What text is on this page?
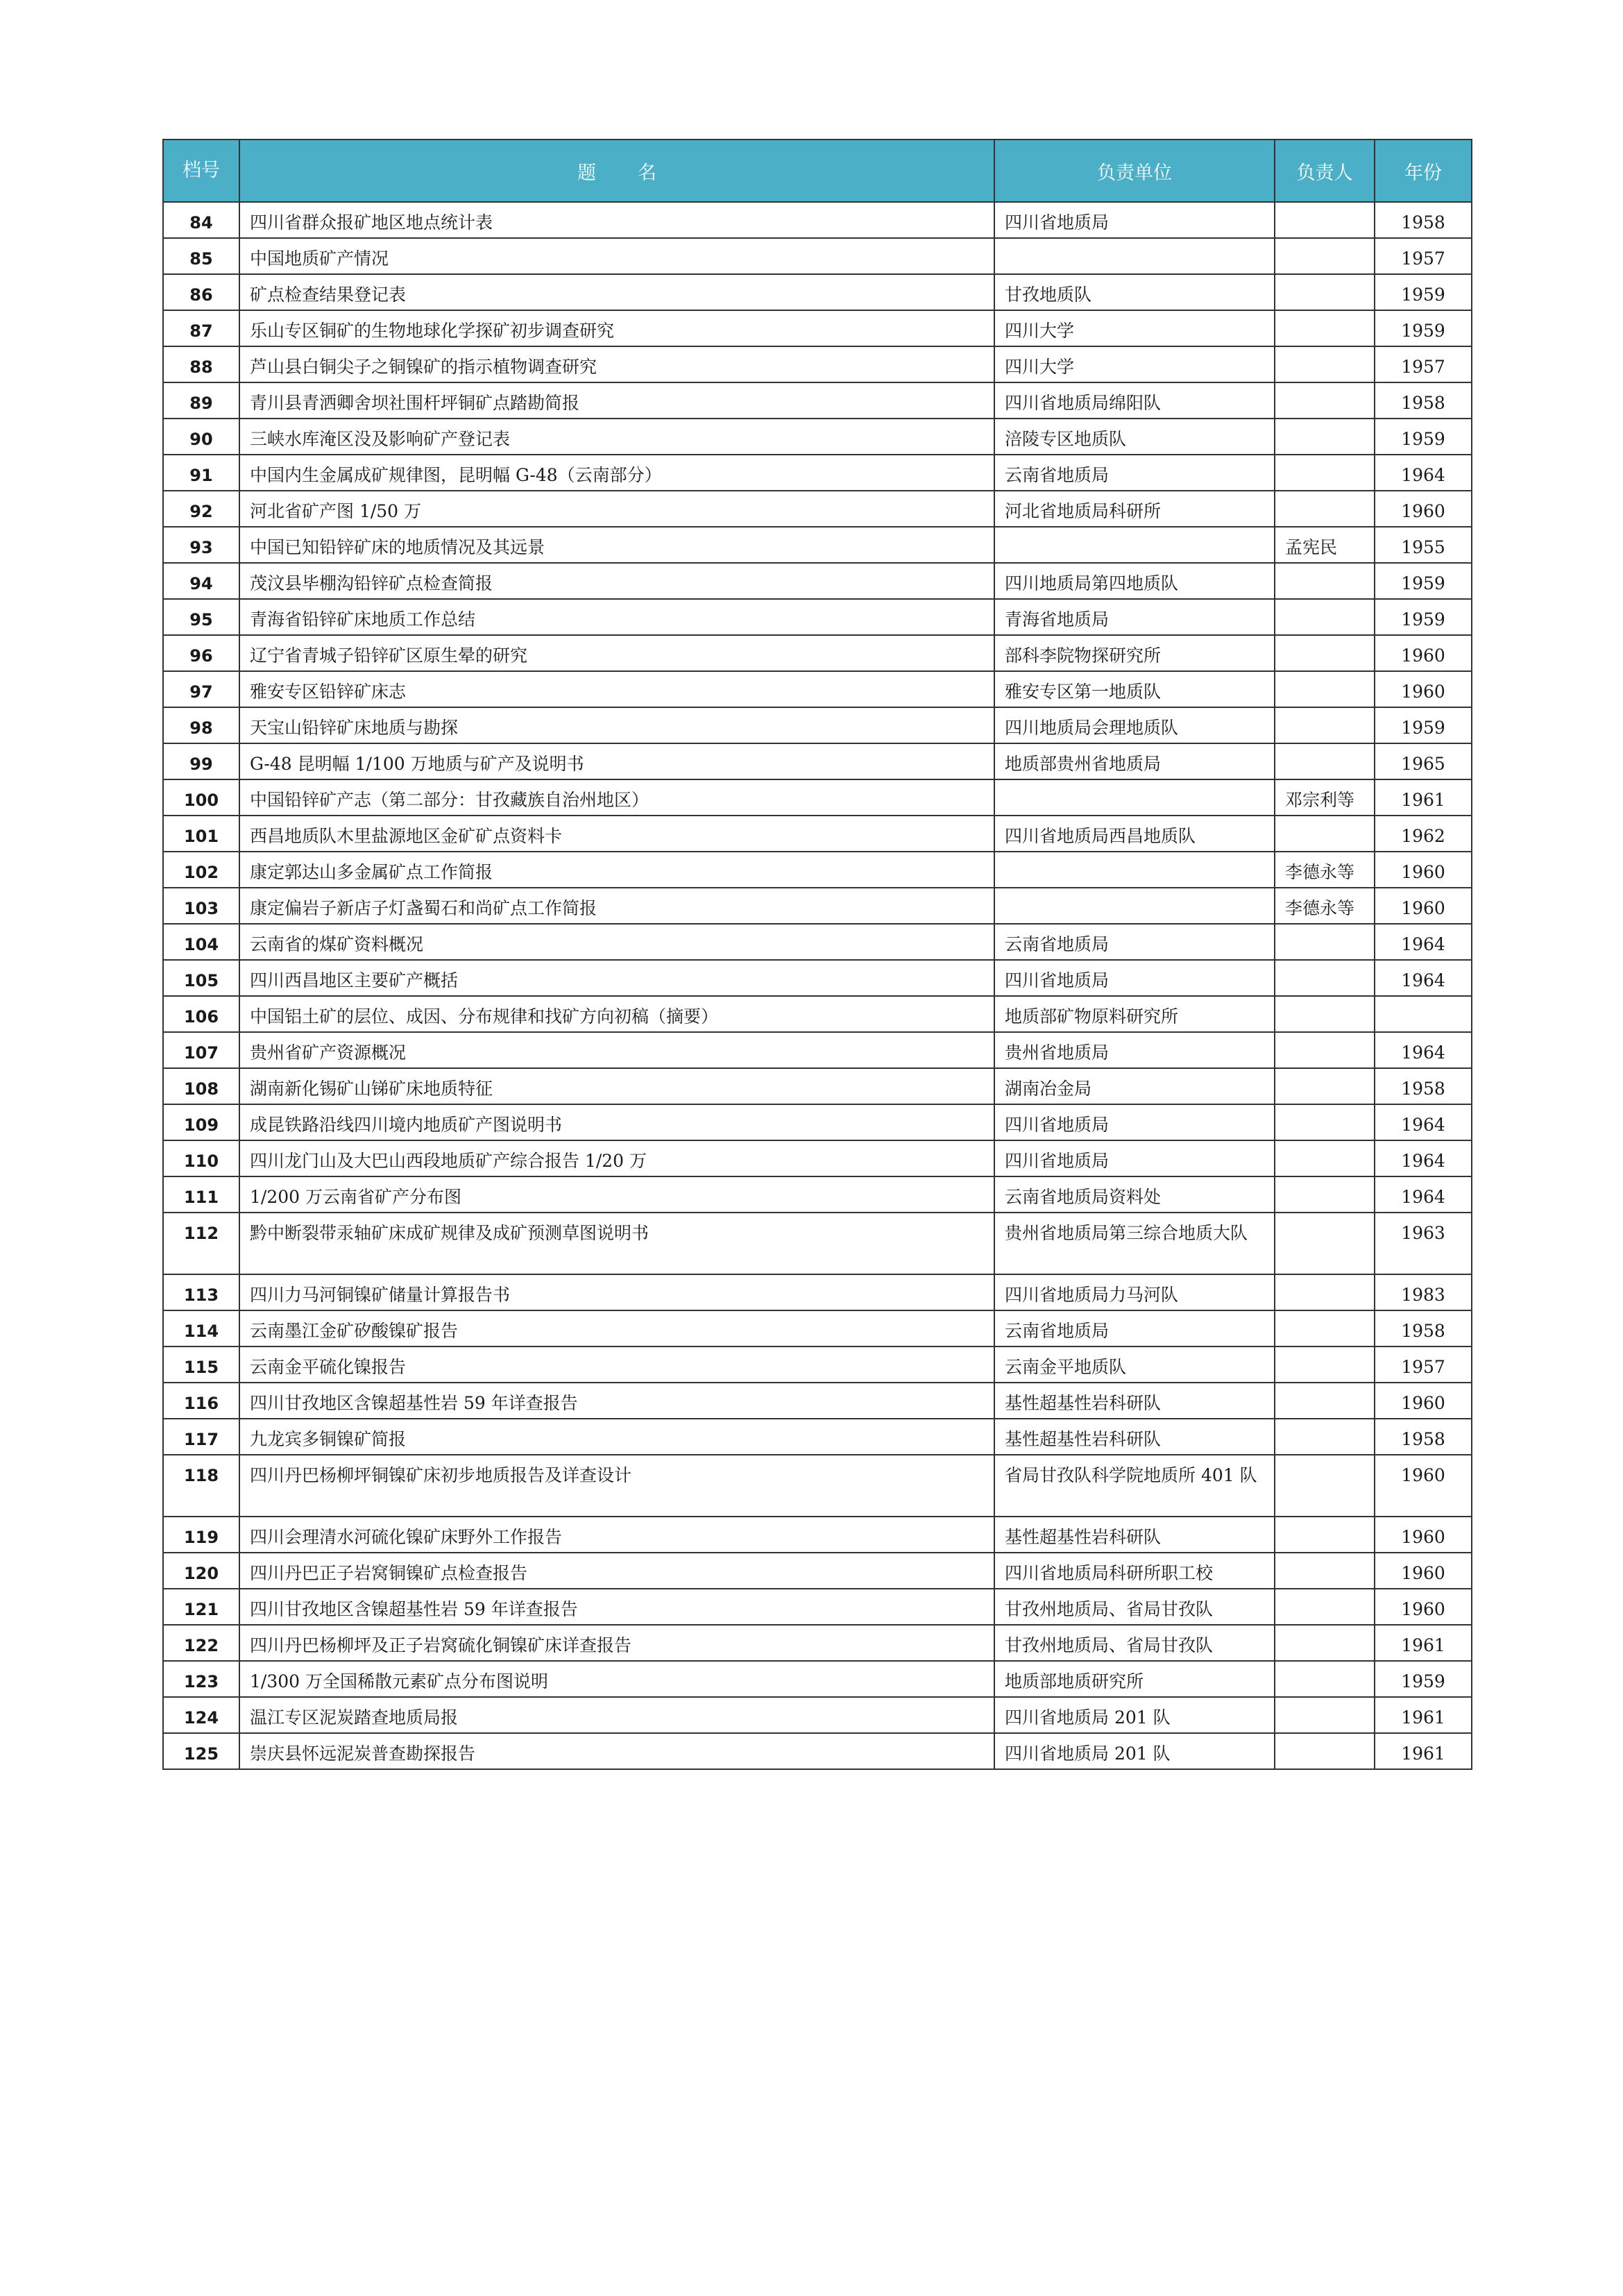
档号	题名	负责单位	负责人	年份
84	四川省群众报矿地区地点统计表	四川省地质局		1958
85	中国地质矿产情况			1957
86	矿点检查结果登记表	甘孜地质队		1959
87	乐山专区铜矿的生物地球化学探矿初步调查研究	四川大学		1959
88	芦山县白铜尖子之铜镍矿的指示植物调查研究	四川大学		1957
89	青川县青洒卿舍坝社围杆坪铜矿点踏勘简报	四川省地质局绵阳队		1958
90	三峡水库淹区没及影响矿产登记表	涪陵专区地质队		1959
91	中国内生金属成矿规律图，昆明幅 G-48（云南部分）	云南省地质局		1964
92	河北省矿产图 1/50 万	河北省地质局科研所		1960
93	中国已知铅锌矿床的地质情况及其远景		孟宪民	1955
94	茂汶县毕棚沟铅锌矿点检查简报	四川地质局第四地质队		1959
95	青海省铅锌矿床地质工作总结	青海省地质局		1959
96	辽宁省青城子铅锌矿区原生晕的研究	部科李院物探研究所		1960
97	雅安专区铅锌矿床志	雅安专区第一地质队		1960
98	天宝山铅锌矿床地质与勘探	四川地质局会理地质队		1959
99	G-48 昆明幅 1/100 万地质与矿产及说明书	地质部贵州省地质局		1965
100	中国铅锌矿产志（第二部分：甘孜藏族自治州地区）		邓宗利等	1961
101	西昌地质队木里盐源地区金矿矿点资料卡	四川省地质局西昌地质队		1962
102	康定郭达山多金属矿点工作简报		李德永等	1960
103	康定偏岩子新店子灯盏蜀石和尚矿点工作简报		李德永等	1960
104	云南省的煤矿资料概况	云南省地质局		1964
105	四川西昌地区主要矿产概括	四川省地质局		1964
106	中国铝土矿的层位、成因、分布规律和找矿方向初稿（摘要）	地质部矿物原料研究所		
107	贵州省矿产资源概况	贵州省地质局		1964
108	湖南新化锡矿山锑矿床地质特征	湖南冶金局		1958
109	成昆铁路沿线四川境内地质矿产图说明书	四川省地质局		1964
110	四川龙门山及大巴山西段地质矿产综合报告 1/20 万	四川省地质局		1964
111	1/200 万云南省矿产分布图	云南省地质局资料处		1964
112	黔中断裂带汞轴矿床成矿规律及成矿预测草图说明书	贵州省地质局第三综合地质大队		1963
113	四川力马河铜镍矿储量计算报告书	四川省地质局力马河队		1983
114	云南墨江金矿矽酸镍矿报告	云南省地质局		1958
115	云南金平硫化镍报告	云南金平地质队		1957
116	四川甘孜地区含镍超基性岩 59 年详查报告	基性超基性岩科研队		1960
117	九龙宾多铜镍矿简报	基性超基性岩科研队		1958
118	四川丹巴杨柳坪铜镍矿床初步地质报告及详查设计	省局甘孜队科学院地质所 401 队		1960
119	四川会理清水河硫化镍矿床野外工作报告	基性超基性岩科研队		1960
120	四川丹巴正子岩窝铜镍矿点检查报告	四川省地质局科研所职工校		1960
121	四川甘孜地区含镍超基性岩 59 年详查报告	甘孜州地质局、省局甘孜队		1960
122	四川丹巴杨柳坪及正子岩窝硫化铜镍矿床详查报告	甘孜州地质局、省局甘孜队		1961
123	1/300 万全国稀散元素矿点分布图说明	地质部地质研究所		1959
124	温江专区泥炭踏查地质局报	四川省地质局 201 队		1961
125	崇庆县怀远泥炭普查勘探报告	四川省地质局 201 队		1961
